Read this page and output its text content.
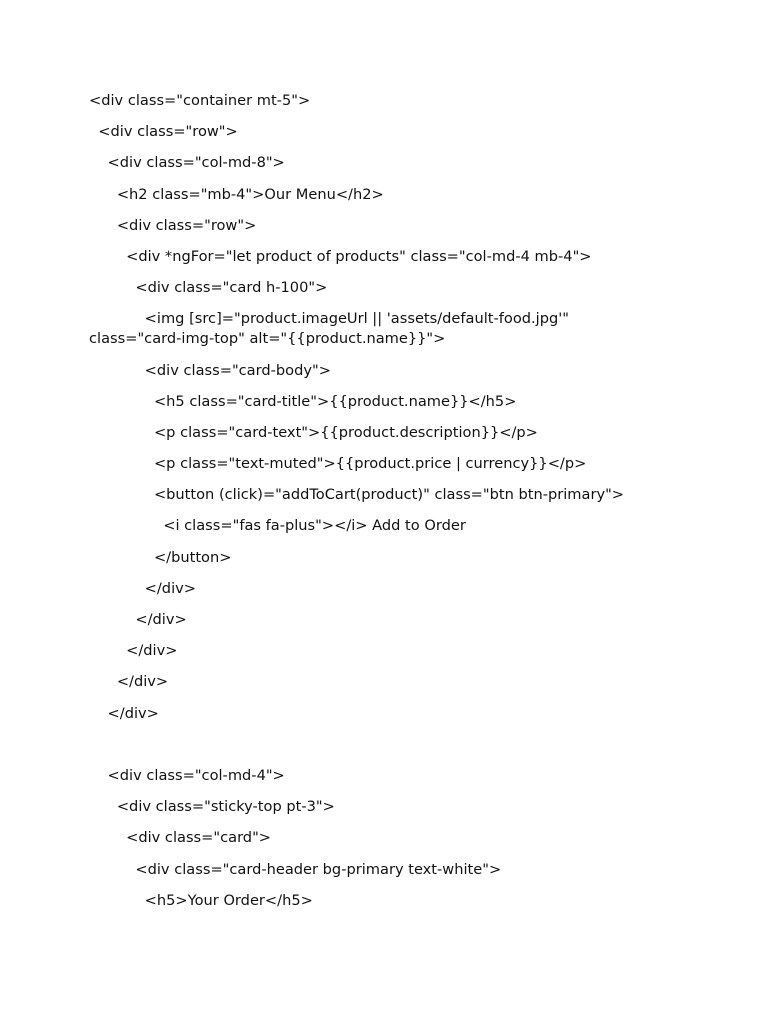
<div class="container mt-5">
<div class="row">
<div class="col-md-8">
<h2 class="mb-4">Our Menu</h2>
<div class="row">
<div *ngFor="let product of products" class="col-md-4 mb-4">
<div class="card h-100">
<img [src]="product.imageUrl || 'assets/default-food.jpg'"
class="card-img-top" alt="{{product.name}}">
<div class="card-body">
<h5 class="card-title">{{product.name}}</h5>
<p class="card-text">{{product.description}}</p>
<p class="text-muted">{{product.price | currency}}</p>
<button (click)="addToCart(product)" class="btn btn-primary">
<i class="fas fa-plus"></i> Add to Order
</button>
</div>
</div>
</div>
</div>
</div>
<div class="col-md-4">
<div class="sticky-top pt-3">
<div class="card">
<div class="card-header bg-primary text-white">
<h5>Your Order</h5>
